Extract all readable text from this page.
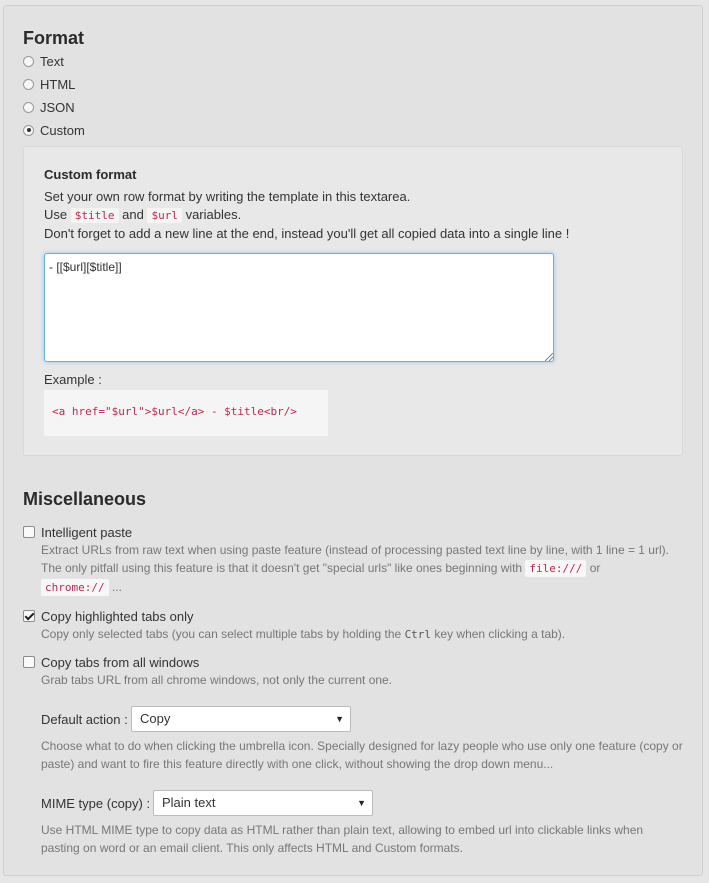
Format
Text
HTML
JSON
Custom
Custom format
Set your own row format by writing the template in this textarea.
Use $title and $url variables.
Don't forget to add a new line at the end, instead you'll get all copied data into a single line !
- [[$url][$title]]

Example :
<a href="$url">$url</a> - $title<br/>
Miscellaneous
Intelligent paste
Extract URLs from raw text when using paste feature (instead of processing pasted text line by line, with 1 line = 1 url).
The only pitfall using this feature is that it doesn't get "special urls" like ones beginning with file:/// or
chrome:// ...
Copy highlighted tabs only
Copy only selected tabs (you can select multiple tabs by holding the Ctrl key when clicking a tab).
Copy tabs from all windows
Grab tabs URL from all chrome windows, not only the current one.
Default action : Copy	▼
Choose what to do when clicking the umbrella icon. Specially designed for lazy people who use only one feature (copy or
paste) and want to fire this feature directly with one click, without showing the drop down menu...
MIME type (copy) : Plain text	▼
Use HTML MIME type to copy data as HTML rather than plain text, allowing to embed url into clickable links when
pasting on word or an email client. This only affects HTML and Custom formats.
